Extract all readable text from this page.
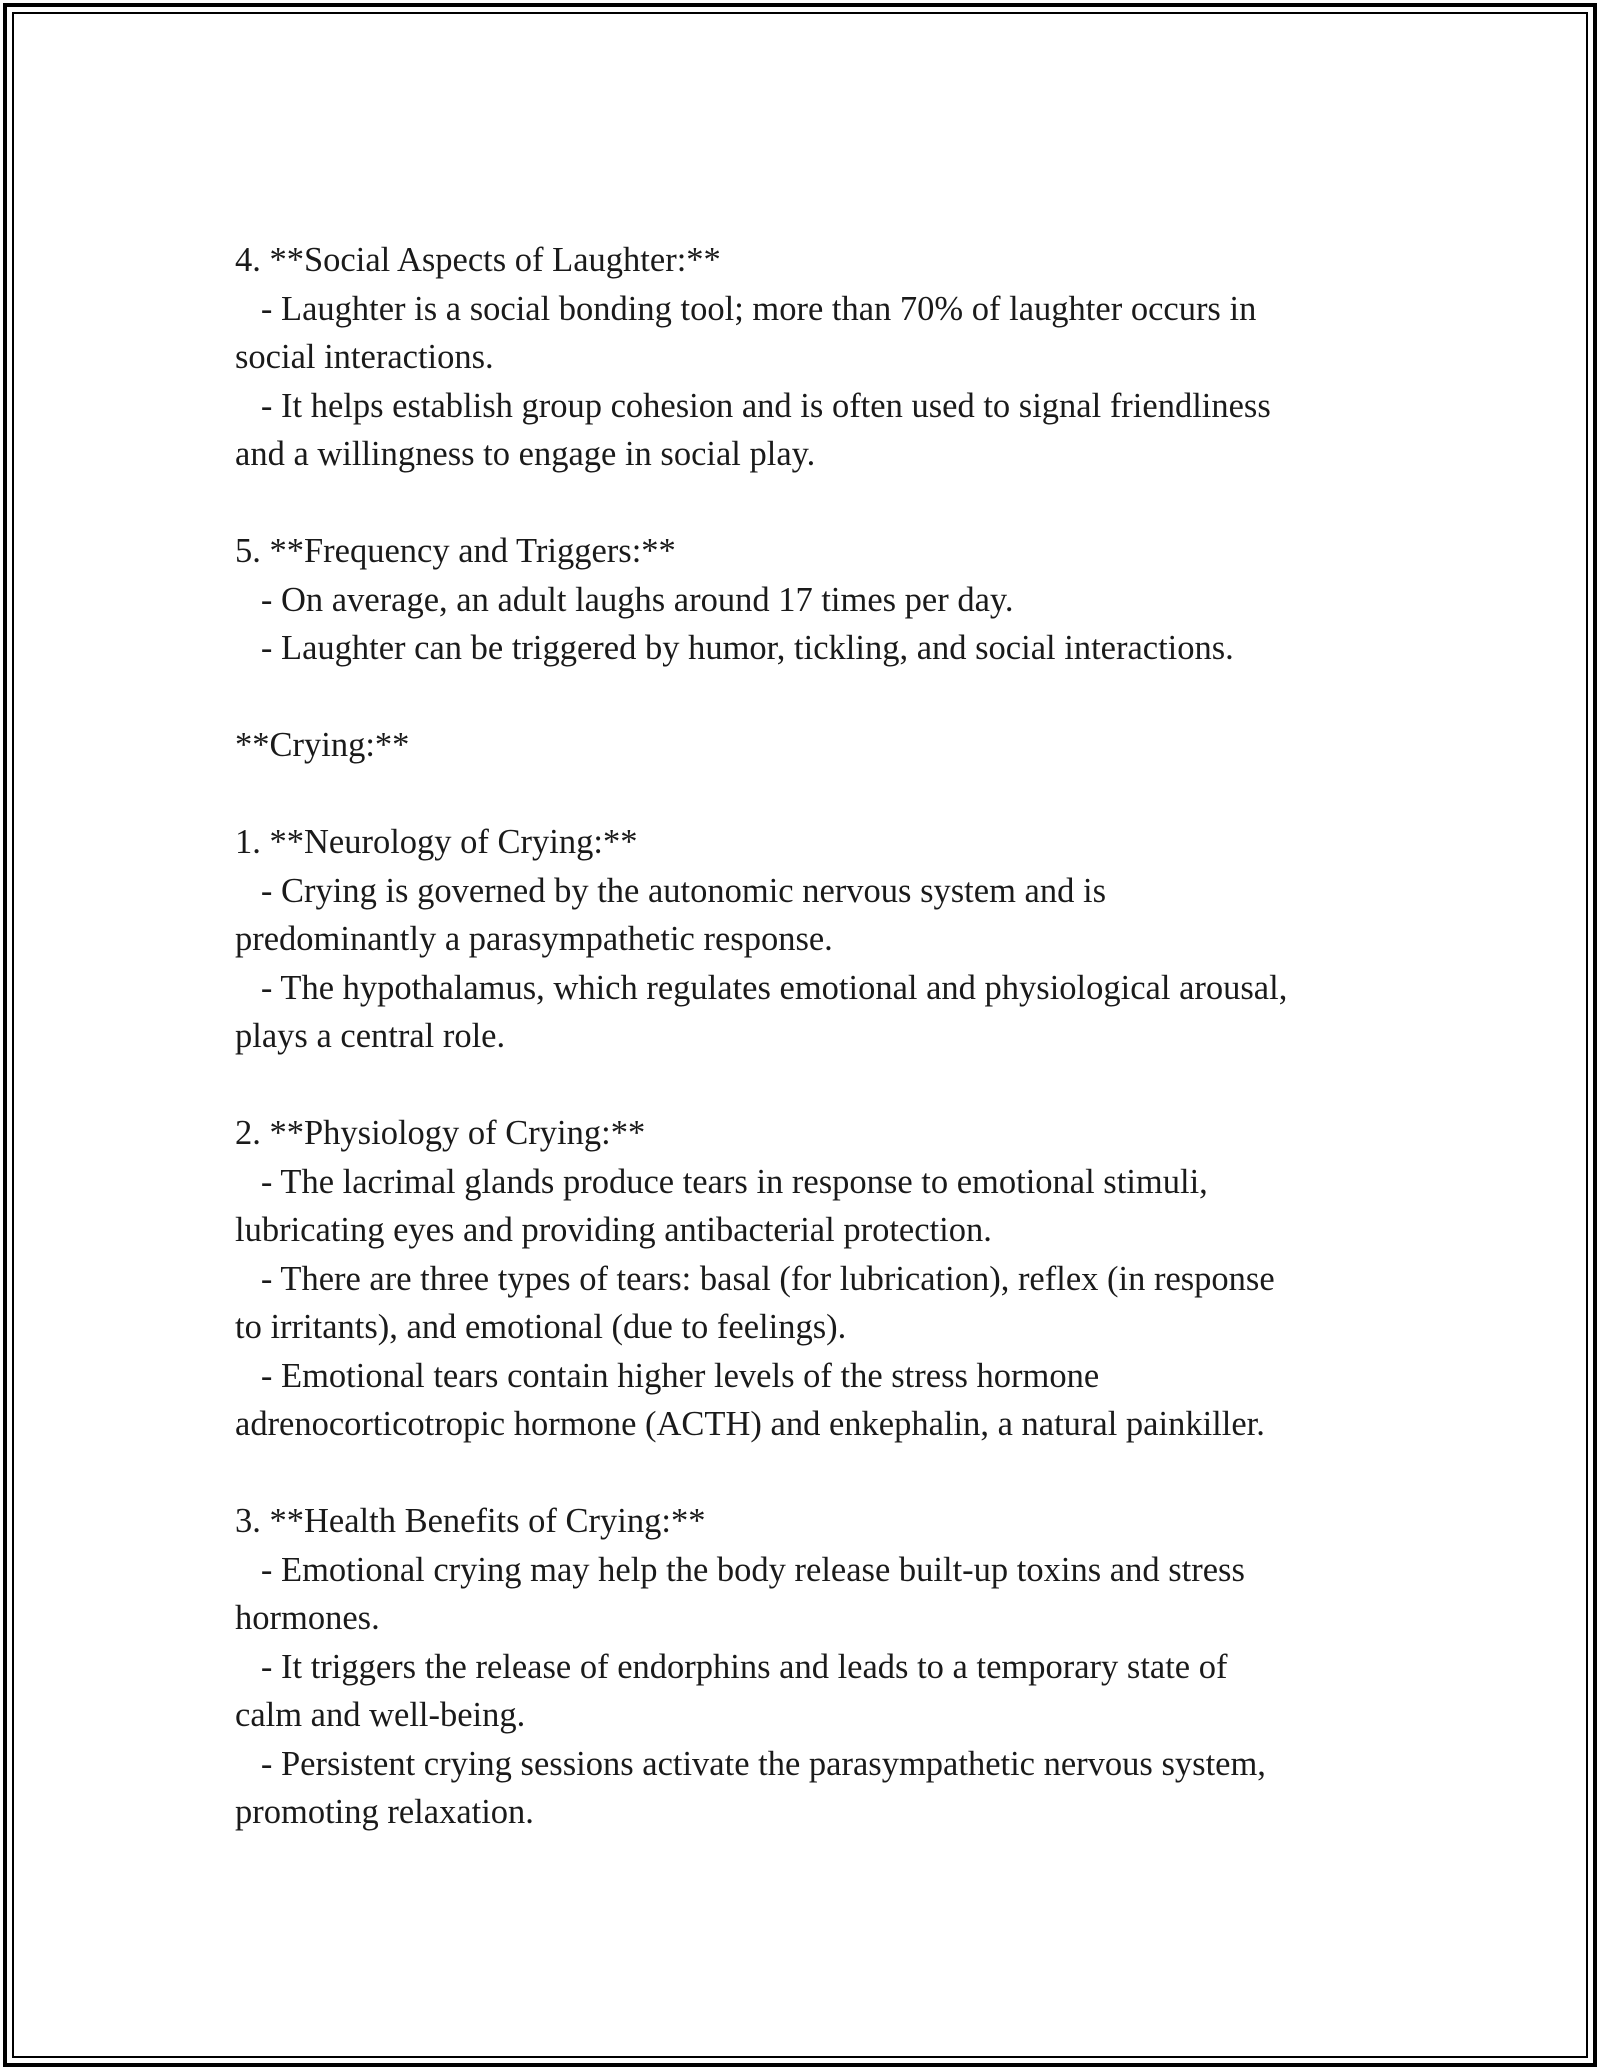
4. **Social Aspects of Laughter:**
- Laughter is a social bonding tool; more than 70% of laughter occurs in
social interactions.
- It helps establish group cohesion and is often used to signal friendliness
and a willingness to engage in social play.
5. **Frequency and Triggers:**
- On average, an adult laughs around 17 times per day.
- Laughter can be triggered by humor, tickling, and social interactions.
**Crying:**
1. **Neurology of Crying:**
- Crying is governed by the autonomic nervous system and is
predominantly a parasympathetic response.
- The hypothalamus, which regulates emotional and physiological arousal,
plays a central role.
2. **Physiology of Crying:**
- The lacrimal glands produce tears in response to emotional stimuli,
lubricating eyes and providing antibacterial protection.
- There are three types of tears: basal (for lubrication), reflex (in response
to irritants), and emotional (due to feelings).
- Emotional tears contain higher levels of the stress hormone
adrenocorticotropic hormone (ACTH) and enkephalin, a natural painkiller.
3. **Health Benefits of Crying:**
- Emotional crying may help the body release built-up toxins and stress
hormones.
- It triggers the release of endorphins and leads to a temporary state of
calm and well-being.
- Persistent crying sessions activate the parasympathetic nervous system,
promoting relaxation.
